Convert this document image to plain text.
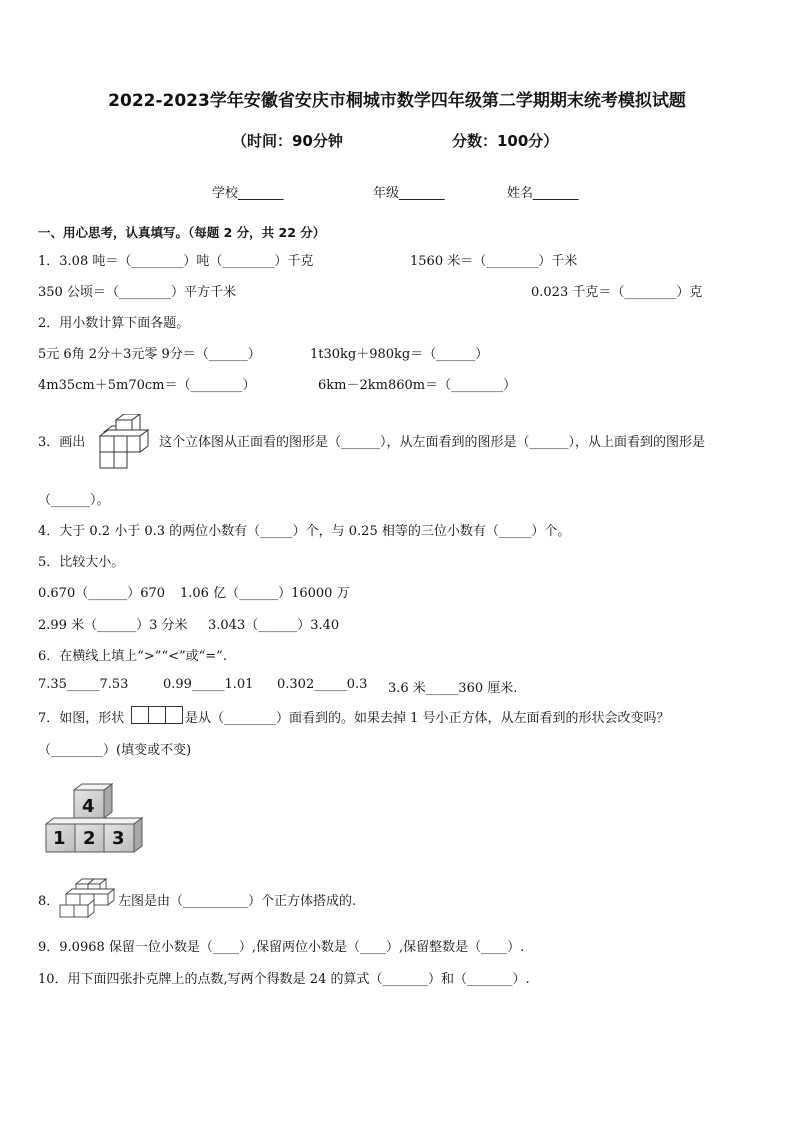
2022-2023学年安徽省安庆市桐城市数学四年级第二学期期末统考模拟试题
（时间：90分钟	分数：100分）
学校_______	年级_______	姓名_______
一、用心思考，认真填写。（每题 2 分，共 22 分）
1．3.08 吨＝（________）吨（________）千克	1560 米＝（________）千米
350 公顷＝（________）平方千米	0.023 千克＝（________）克
2．用小数计算下面各题。
5元 6角 2分＋3元零 9分＝（______）	1t30kg＋980kg＝（______）
4m35cm＋5m70cm＝（________）	6km－2km860m＝（________）
3．画出	这个立体图从正面看的图形是（______），从左面看到的图形是（______），从上面看到的图形是
（______）。
4．大于 0.2 小于 0.3 的两位小数有（_____）个，与 0.25 相等的三位小数有（_____）个。
5．比较大小。
0.670（______）670 1.06 亿（______）16000 万
2.99 米（______）3 分米 3.043（______）3.40
6．在横线上填上“>”“<”或“=”.
7.35_____7.53	0.99_____1.01 0.302_____0.3 3.6 米_____360 厘米.
7．如图，形状	是从（________）面看到的。如果去掉 1 号小正方体，从左面看到的形状会改变吗？
（________）(填变或不变)
4
1 2 3
8．	左图是由（__________）个正方体搭成的.
9．9.0968 保留一位小数是（____）,保留两位小数是（____）,保留整数是（____）.
10．用下面四张扑克牌上的点数,写两个得数是 24 的算式（_______）和（_______）.
